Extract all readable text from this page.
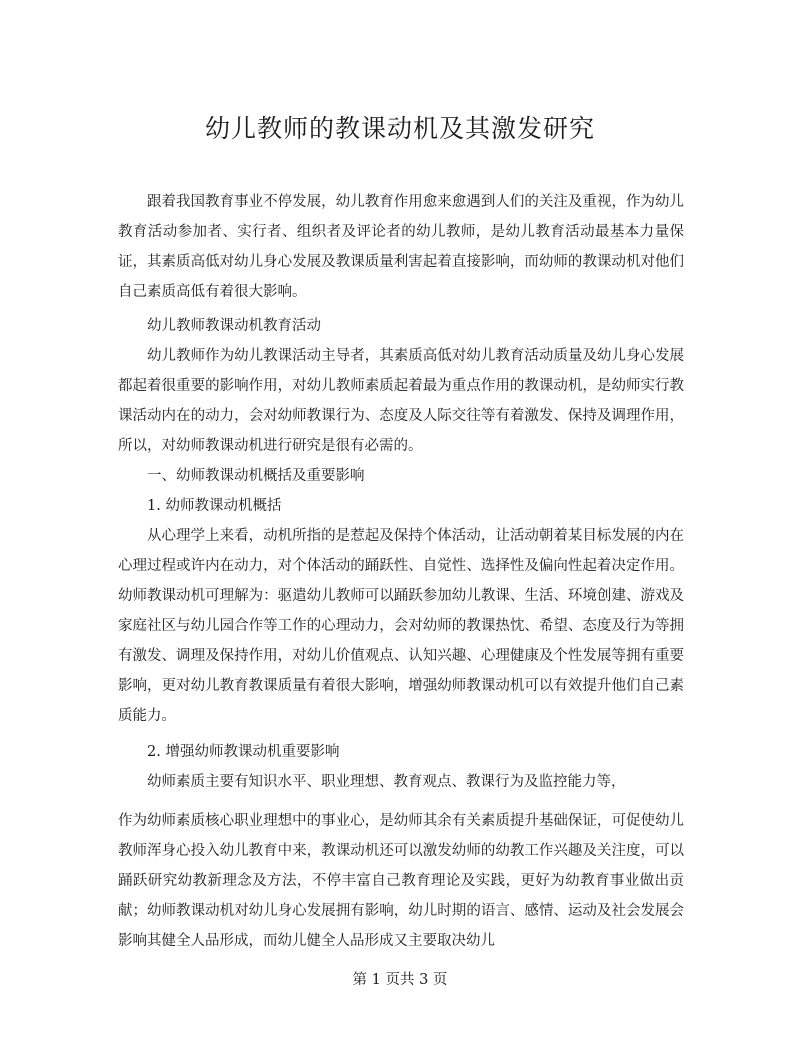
幼儿教师的教课动机及其激发研究

跟着我国教育事业不停发展，幼儿教育作用愈来愈遇到人们的关注及重视，作为幼儿教育活动参加者、实行者、组织者及评论者的幼儿教师，是幼儿教育活动最基本力量保证，其素质高低对幼儿身心发展及教课质量利害起着直接影响，而幼师的教课动机对他们自己素质高低有着很大影响。

幼儿教师教课动机教育活动

幼儿教师作为幼儿教课活动主导者，其素质高低对幼儿教育活动质量及幼儿身心发展都起着很重要的影响作用，对幼儿教师素质起着最为重点作用的教课动机，是幼师实行教课活动内在的动力，会对幼师教课行为、态度及人际交往等有着激发、保持及调理作用，所以，对幼师教课动机进行研究是很有必需的。

一、幼师教课动机概括及重要影响
1. 幼师教课动机概括

从心理学上来看，动机所指的是惹起及保持个体活动，让活动朝着某目标发展的内在心理过程或许内在动力，对个体活动的踊跃性、自觉性、选择性及偏向性起着决定作用。幼师教课动机可理解为：驱遣幼儿教师可以踊跃参加幼儿教课、生活、环境创建、游戏及家庭社区与幼儿园合作等工作的心理动力，会对幼师的教课热忱、希望、态度及行为等拥有激发、调理及保持作用，对幼儿价值观点、认知兴趣、心理健康及个性发展等拥有重要影响，更对幼儿教育教课质量有着很大影响，增强幼师教课动机可以有效提升他们自己素质能力。

2. 增强幼师教课动机重要影响
幼师素质主要有知识水平、职业理想、教育观点、教课行为及监控能力等，

作为幼师素质核心职业理想中的事业心，是幼师其余有关素质提升基础保证，可促使幼儿教师浑身心投入幼儿教育中来，教课动机还可以激发幼师的幼教工作兴趣及关注度，可以踊跃研究幼教新理念及方法，不停丰富自己教育理论及实践，更好为幼教育事业做出贡献；幼师教课动机对幼儿身心发展拥有影响，幼儿时期的语言、感情、运动及社会发展会影响其健全人品形成，而幼儿健全人品形成又主要取决幼儿

第 1 页共 3 页
